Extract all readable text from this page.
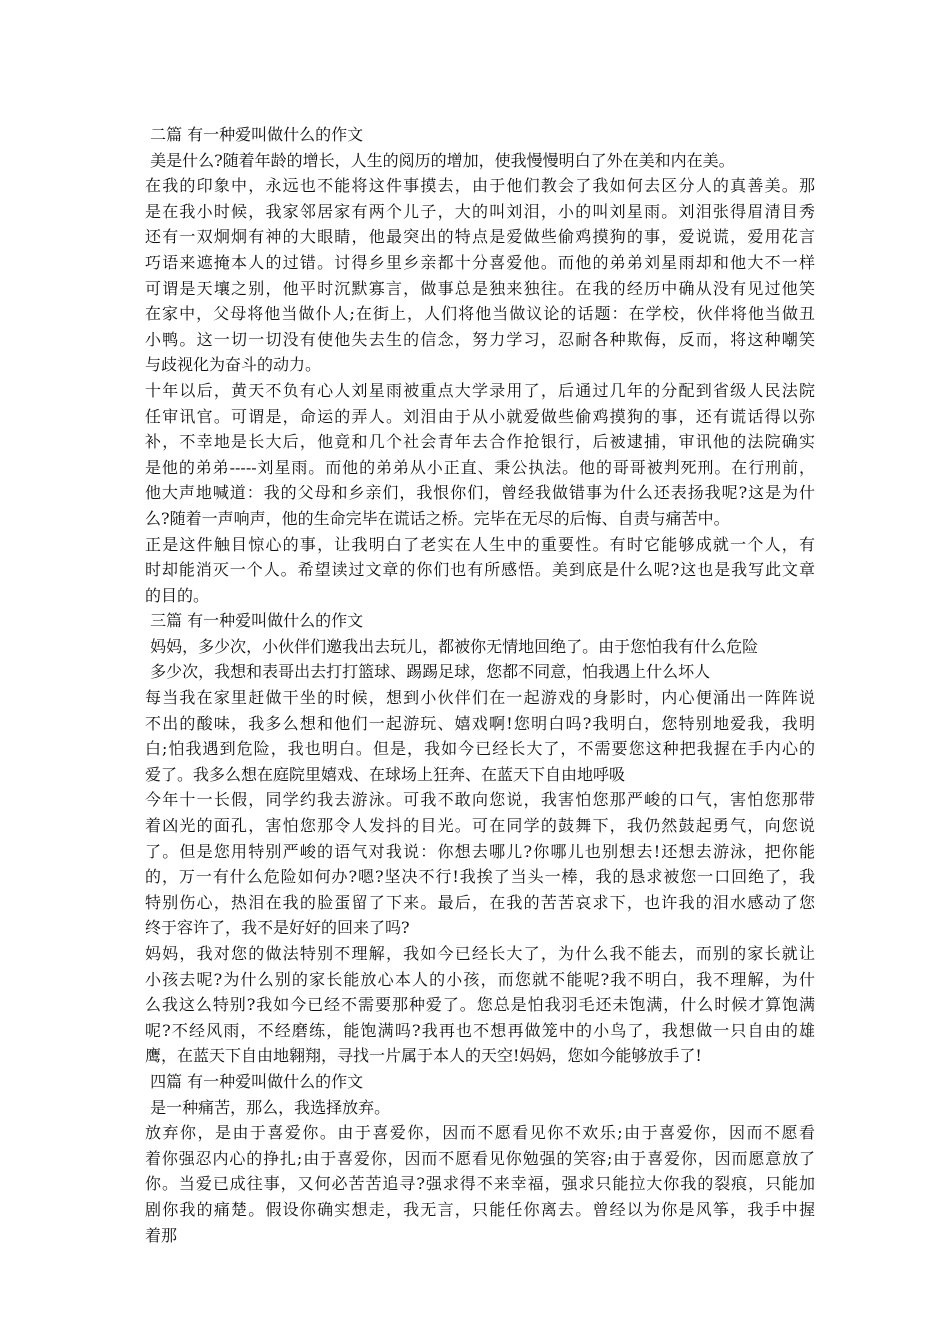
二篇 有一种爱叫做什么的作文
美是什么?随着年龄的增长，人生的阅历的增加，使我慢慢明白了外在美和内在美。
在我的印象中，永远也不能将这件事摸去，由于他们教会了我如何去区分人的真善美。那
是在我小时候，我家邻居家有两个儿子，大的叫刘泪，小的叫刘星雨。刘泪张得眉清目秀
还有一双炯炯有神的大眼睛，他最突出的特点是爱做些偷鸡摸狗的事，爱说谎，爱用花言
巧语来遮掩本人的过错。讨得乡里乡亲都十分喜爱他。而他的弟弟刘星雨却和他大不一样
可谓是天壤之别，他平时沉默寡言，做事总是独来独往。在我的经历中确从没有见过他笑
在家中，父母将他当做仆人;在街上，人们将他当做议论的话题：在学校，伙伴将他当做丑
小鸭。这一切一切没有使他失去生的信念，努力学习，忍耐各种欺侮，反而，将这种嘲笑
与歧视化为奋斗的动力。
十年以后，黄天不负有心人刘星雨被重点大学录用了，后通过几年的分配到省级人民法院
任审讯官。可谓是，命运的弄人。刘泪由于从小就爱做些偷鸡摸狗的事，还有谎话得以弥
补，不幸地是长大后，他竟和几个社会青年去合作抢银行，后被逮捕，审讯他的法院确实
是他的弟弟-----刘星雨。而他的弟弟从小正直、秉公执法。他的哥哥被判死刑。在行刑前，
他大声地喊道：我的父母和乡亲们，我恨你们，曾经我做错事为什么还表扬我呢?这是为什
么?随着一声响声，他的生命完毕在谎话之桥。完毕在无尽的后悔、自责与痛苦中。
正是这件触目惊心的事，让我明白了老实在人生中的重要性。有时它能够成就一个人，有
时却能消灭一个人。希望读过文章的你们也有所感悟。美到底是什么呢?这也是我写此文章
的目的。
三篇 有一种爱叫做什么的作文
妈妈，多少次，小伙伴们邀我出去玩儿，都被你无情地回绝了。由于您怕我有什么危险
多少次，我想和表哥出去打打篮球、踢踢足球，您都不同意，怕我遇上什么坏人
每当我在家里赶做干坐的时候，想到小伙伴们在一起游戏的身影时，内心便涌出一阵阵说
不出的酸味，我多么想和他们一起游玩、嬉戏啊!您明白吗?我明白，您特别地爱我，我明
白;怕我遇到危险，我也明白。但是，我如今已经长大了，不需要您这种把我握在手内心的
爱了。我多么想在庭院里嬉戏、在球场上狂奔、在蓝天下自由地呼吸
今年十一长假，同学约我去游泳。可我不敢向您说，我害怕您那严峻的口气，害怕您那带
着凶光的面孔，害怕您那令人发抖的目光。可在同学的鼓舞下，我仍然鼓起勇气，向您说
了。但是您用特别严峻的语气对我说：你想去哪儿?你哪儿也别想去!还想去游泳，把你能
的，万一有什么危险如何办?嗯?坚决不行!我挨了当头一棒，我的恳求被您一口回绝了，我
特别伤心，热泪在我的脸蛋留了下来。最后，在我的苦苦哀求下，也许我的泪水感动了您
终于容许了，我不是好好的回来了吗?
妈妈，我对您的做法特别不理解，我如今已经长大了，为什么我不能去，而别的家长就让
小孩去呢?为什么别的家长能放心本人的小孩，而您就不能呢?我不明白，我不理解，为什
么我这么特别?我如今已经不需要那种爱了。您总是怕我羽毛还未饱满，什么时候才算饱满
呢?不经风雨，不经磨练，能饱满吗?我再也不想再做笼中的小鸟了，我想做一只自由的雄
鹰，在蓝天下自由地翱翔，寻找一片属于本人的天空!妈妈，您如今能够放手了!
四篇 有一种爱叫做什么的作文
是一种痛苦，那么，我选择放弃。
放弃你，是由于喜爱你。由于喜爱你，因而不愿看见你不欢乐;由于喜爱你，因而不愿看
着你强忍内心的挣扎;由于喜爱你，因而不愿看见你勉强的笑容;由于喜爱你，因而愿意放了
你。当爱已成往事，又何必苦苦追寻?强求得不来幸福，强求只能拉大你我的裂痕，只能加
剧你我的痛楚。假设你确实想走，我无言，只能任你离去。曾经以为你是风筝，我手中握
着那
